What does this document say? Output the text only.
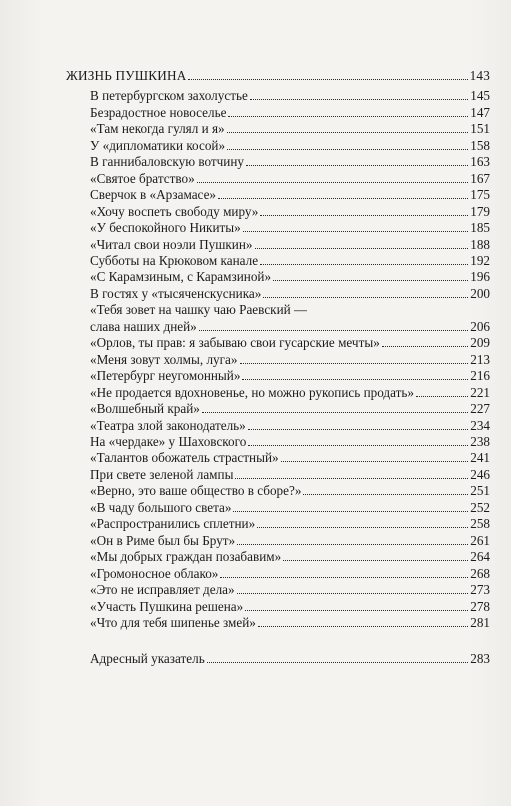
ЖИЗНЬ ПУШКИНА	143
В петербургском захолустье	145
Безрадостное новоселье	147
«Там некогда гулял и я»	151
У «дипломатики косой»	158
В ганнибаловскую вотчину	163
«Святое братство»	167
Сверчок в «Арзамасе»	175
«Хочу воспеть свободу миру»	179
«У беспокойного Никиты»	185
«Читал свои ноэли Пушкин»	188
Субботы на Крюковом канале	192
«С Карамзиным, с Карамзиной»	196
В гостях у «тысяченскусника»	200
«Тебя зовет на чашку чаю Раевский —
слава наших дней»	206
«Орлов, ты прав: я забываю свои гусарские мечты»	209
«Меня зовут холмы, луга»	213
«Петербург неугомонный»	216
«Не продается вдохновенье, но можно рукопись продать»	221
«Волшебный край»	227
«Театра злой законодатель»	234
На «чердаке» у Шаховского	238
«Талантов обожатель страстный»	241
При свете зеленой лампы	246
«Верно, это ваше общество в сборе?»	251
«В чаду большого света»	252
«Распространились сплетни»	258
«Он в Риме был бы Брут»	261
«Мы добрых граждан позабавим»	264
«Громоносное облако»	268
«Это не исправляет дела»	273
«Участь Пушкина решена»	278
«Что для тебя шипенье змей»	281
Адресный указатель	283
